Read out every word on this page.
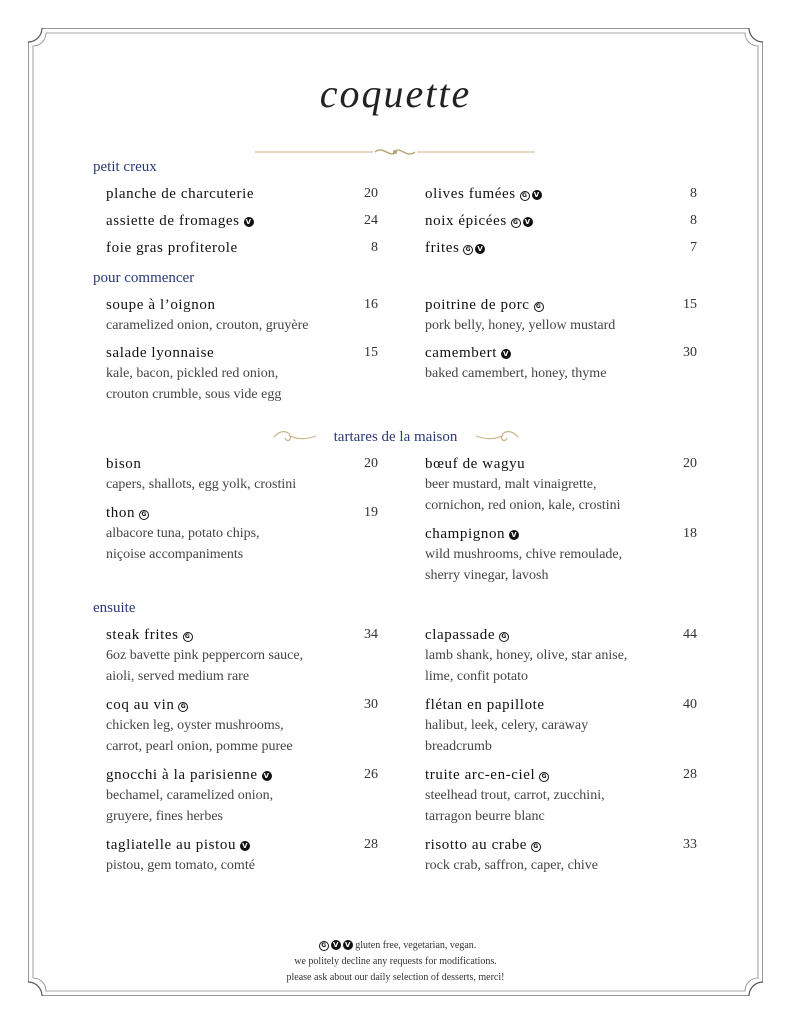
coquette
petit creux
pour commencer
tartares de la maison
ensuite
planche de charcuterie	20
assiette de fromages V	24
foie gras profiterole	8
olives fumées G V	8
noix épicées G V	8
frites G V	7
soupe à l’oignon	16
caramelized onion, crouton, gruyère
salade lyonnaise	15
kale, bacon, pickled red onion,
crouton crumble, sous vide egg
poitrine de porc G	15
pork belly, honey, yellow mustard
camembert V	30
baked camembert, honey, thyme
bison	20
capers, shallots, egg yolk, crostini
thon G	19
albacore tuna, potato chips,
niçoise accompaniments
bœuf de wagyu	20
beer mustard, malt vinaigrette,
cornichon, red onion, kale, crostini
champignon V	18
wild mushrooms, chive remoulade,
sherry vinegar, lavosh
steak frites G	34
6oz bavette pink peppercorn sauce,
aioli, served medium rare
coq au vin G	30
chicken leg, oyster mushrooms,
carrot, pearl onion, pomme puree
gnocchi à la parisienne V	26
bechamel, caramelized onion,
gruyere, fines herbes
tagliatelle au pistou V	28
pistou, gem tomato, comté
clapassade G	44
lamb shank, honey, olive, star anise,
lime, confit potato
flétan en papillote	40
halibut, leek, celery, caraway
breadcrumb
truite arc-en-ciel G	28
steelhead trout, carrot, zucchini,
tarragon beurre blanc
risotto au crabe G	33
rock crab, saffron, caper, chive
G V V gluten free, vegetarian, vegan.
we politely decline any requests for modifications.
please ask about our daily selection of desserts, merci!
